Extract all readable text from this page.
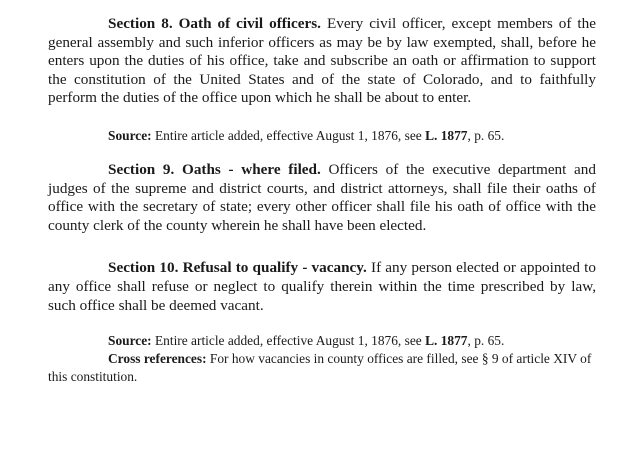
Section 8. Oath of civil officers. Every civil officer, except members of the general assembly and such inferior officers as may be by law exempted, shall, before he enters upon the duties of his office, take and subscribe an oath or affirmation to support the constitution of the United States and of the state of Colorado, and to faithfully perform the duties of the office upon which he shall be about to enter.

Source: Entire article added, effective August 1, 1876, see L. 1877, p. 65.

Section 9. Oaths - where filed. Officers of the executive department and judges of the supreme and district courts, and district attorneys, shall file their oaths of office with the secretary of state; every other officer shall file his oath of office with the county clerk of the county wherein he shall have been elected.

Section 10. Refusal to qualify - vacancy. If any person elected or appointed to any office shall refuse or neglect to qualify therein within the time prescribed by law, such office shall be deemed vacant.

Source: Entire article added, effective August 1, 1876, see L. 1877, p. 65.

Cross references: For how vacancies in county offices are filled, see § 9 of article XIV of this constitution.
